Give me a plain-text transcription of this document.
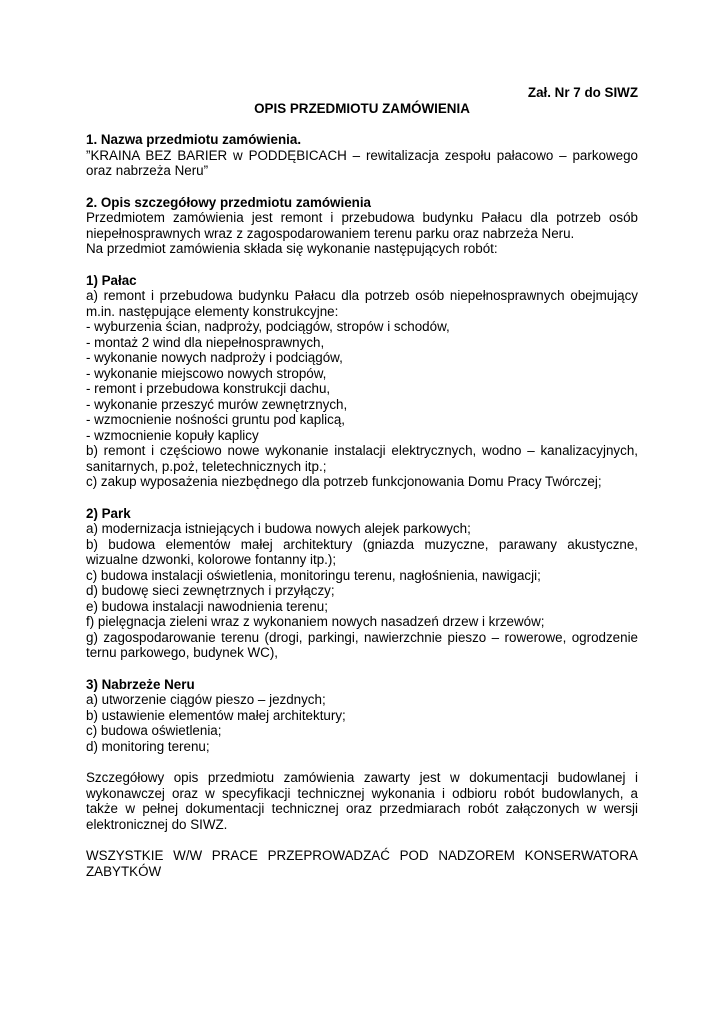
Zał. Nr 7 do SIWZ

OPIS PRZEDMIOTU ZAMÓWIENIA

1. Nazwa przedmiotu zamówienia.

”KRAINA BEZ BARIER w PODDĘBICACH – rewitalizacja zespołu pałacowo – parkowego oraz nabrzeża Neru”

2. Opis szczegółowy przedmiotu zamówienia

Przedmiotem zamówienia jest remont i przebudowa budynku Pałacu dla potrzeb osób niepełnosprawnych wraz z zagospodarowaniem terenu parku oraz nabrzeża Neru.

Na przedmiot zamówienia składa się wykonanie następujących robót:

1) Pałac

a) remont i przebudowa budynku Pałacu dla potrzeb osób niepełnosprawnych obejmujący m.in. następujące elementy konstrukcyjne:

- wyburzenia ścian, nadproży, podciągów, stropów i schodów,
- montaż 2 wind dla niepełnosprawnych,
- wykonanie nowych nadproży i podciągów,
- wykonanie miejscowo nowych stropów,
- remont i przebudowa konstrukcji dachu,
- wykonanie przeszyć murów zewnętrznych,
- wzmocnienie nośności gruntu pod kaplicą,
- wzmocnienie kopuły kaplicy

b) remont i częściowo nowe wykonanie instalacji elektrycznych, wodno – kanalizacyjnych, sanitarnych, p.poż, teletechnicznych itp.;

c) zakup wyposażenia niezbędnego dla potrzeb funkcjonowania Domu Pracy Twórczej;

2) Park

a) modernizacja istniejących i budowa nowych alejek parkowych;

b) budowa elementów małej architektury (gniazda muzyczne, parawany akustyczne, wizualne dzwonki, kolorowe fontanny itp.);

c) budowa instalacji oświetlenia, monitoringu terenu, nagłośnienia, nawigacji;

d) budowę sieci zewnętrznych i przyłączy;

e) budowa instalacji nawodnienia terenu;

f) pielęgnacja zieleni wraz z wykonaniem nowych nasadzeń drzew i krzewów;

g) zagospodarowanie terenu (drogi, parkingi, nawierzchnie pieszo – rowerowe, ogrodzenie ternu parkowego, budynek WC),

3) Nabrzeże Neru

a) utworzenie ciągów pieszo – jezdnych;
b) ustawienie elementów małej architektury;
c) budowa oświetlenia;
d) monitoring terenu;

Szczegółowy opis przedmiotu zamówienia zawarty jest w dokumentacji budowlanej i wykonawczej oraz w specyfikacji technicznej wykonania i odbioru robót budowlanych, a także w pełnej dokumentacji technicznej oraz przedmiarach robót załączonych w wersji elektronicznej do SIWZ.

WSZYSTKIE W/W PRACE PRZEPROWADZAĆ POD NADZOREM KONSERWATORA ZABYTKÓW
